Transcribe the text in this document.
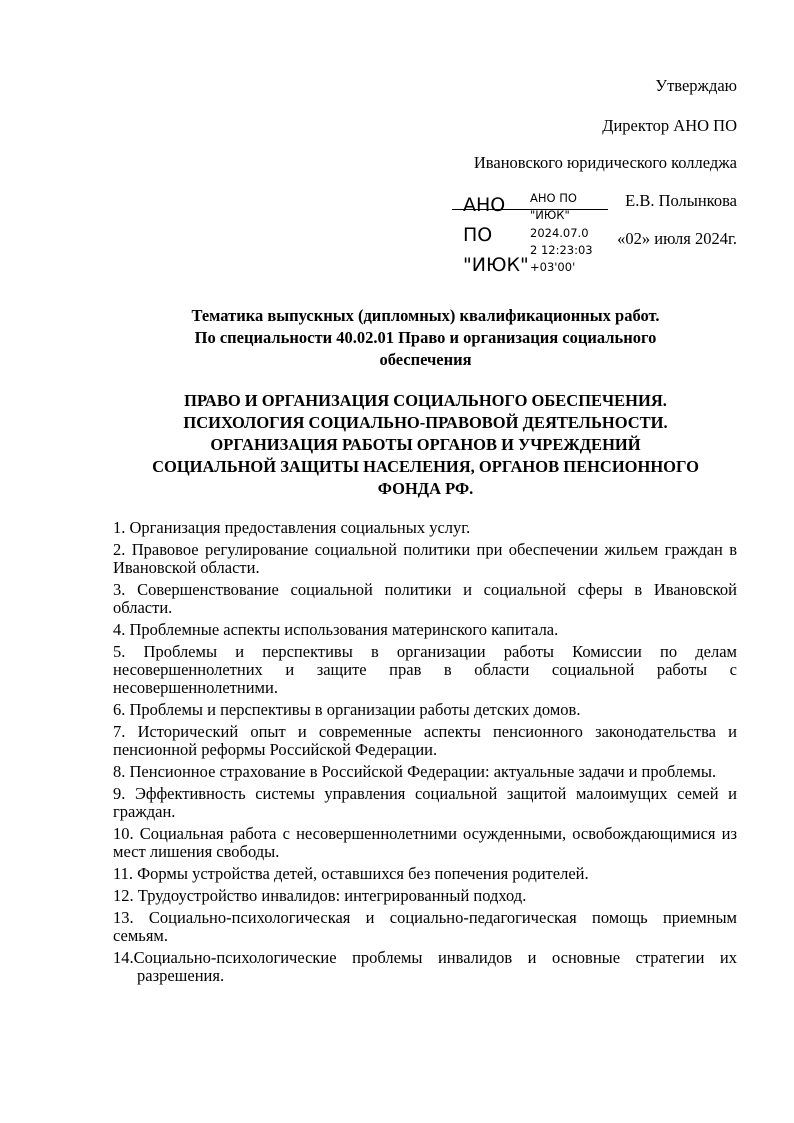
Утверждаю
Директор АНО ПО
Ивановского юридического колледжа
Е.В. Полынкова
«02» июля 2024г.
АНО
ПО
"ИЮК"
АНО ПО
"ИЮК"
2024.07.0
2 12:23:03
+03'00'
Тематика выпускных (дипломных) квалификационных работ.
По специальности 40.02.01 Право и организация социального
обеспечения
ПРАВО И ОРГАНИЗАЦИЯ СОЦИАЛЬНОГО ОБЕСПЕЧЕНИЯ.
ПСИХОЛОГИЯ СОЦИАЛЬНО-ПРАВОВОЙ ДЕЯТЕЛЬНОСТИ.
ОРГАНИЗАЦИЯ РАБОТЫ ОРГАНОВ И УЧРЕЖДЕНИЙ
СОЦИАЛЬНОЙ ЗАЩИТЫ НАСЕЛЕНИЯ, ОРГАНОВ ПЕНСИОННОГО
ФОНДА РФ.
1. Организация предоставления социальных услуг.
2. Правовое регулирование социальной политики при обеспечении жильем граждан в Ивановской области.
3. Совершенствование социальной политики и социальной сферы в Ивановской области.
4. Проблемные аспекты использования материнского капитала.
5. Проблемы и перспективы в организации работы Комиссии по делам несовершеннолетних и защите прав в области социальной работы с несовершеннолетними.
6. Проблемы и перспективы в организации работы детских домов.
7. Исторический опыт и современные аспекты пенсионного законодательства и пенсионной реформы Российской Федерации.
8. Пенсионное страхование в Российской Федерации: актуальные задачи и проблемы.
9. Эффективность системы управления социальной защитой малоимущих семей и граждан.
10. Социальная работа с несовершеннолетними осужденными, освобождающимися из мест лишения свободы.
11. Формы устройства детей, оставшихся без попечения родителей.
12. Трудоустройство инвалидов: интегрированный подход.
13. Социально-психологическая и социально-педагогическая помощь приемным семьям.
14.Социально-психологические проблемы инвалидов и основные стратегии их разрешения.
